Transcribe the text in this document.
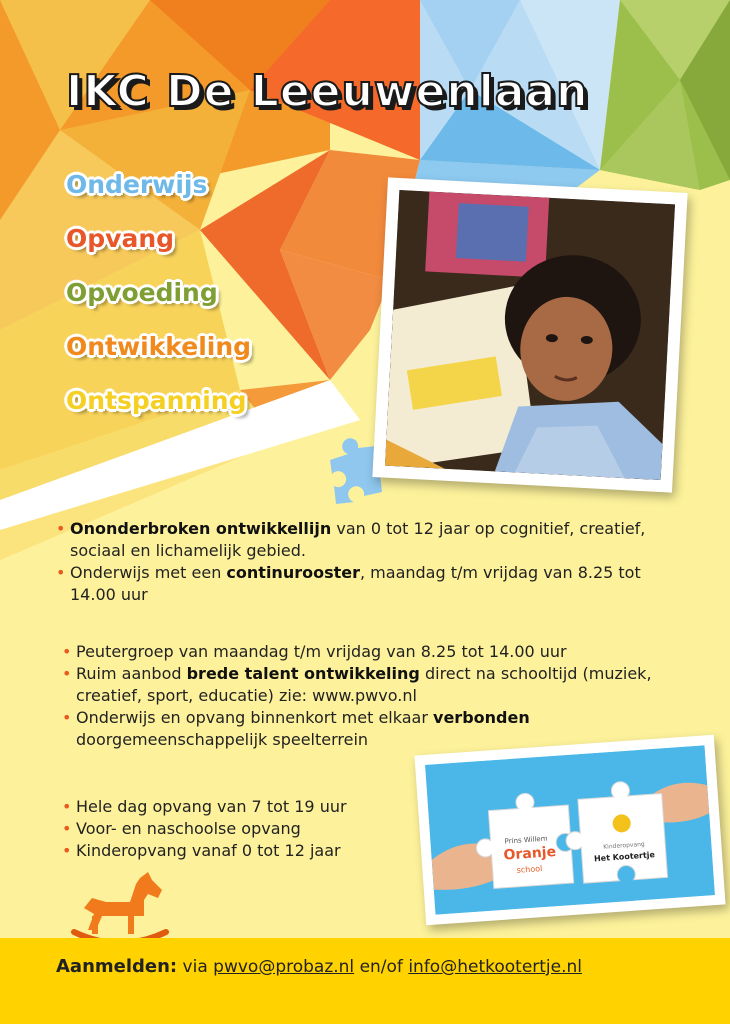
IKC De Leeuwenlaan
Onderwijs
Opvang
Opvoeding
Ontwikkeling
Ontspanning
• Ononderbroken ontwikkellijn van 0 tot 12 jaar op cognitief, creatief, sociaal en lichamelijk gebied.
• Onderwijs met een continurooster, maandag t/m vrijdag van 8.25 tot 14.00 uur
• Peutergroep van maandag t/m vrijdag van 8.25 tot 14.00 uur
• Ruim aanbod brede talent ontwikkeling direct na schooltijd (muziek, creatief, sport, educatie) zie: www.pwvo.nl
• Onderwijs en opvang binnenkort met elkaar verbonden doorgemeenschappelijk speelterrein
• Hele dag opvang van 7 tot 19 uur
• Voor- en naschoolse opvang
• Kinderopvang vanaf 0 tot 12 jaar
Prins Willem
Oranje
school
Kinderopvang
Het Kootertje
Aanmelden: via pwvo@probaz.nl en/of info@hetkootertje.nl
